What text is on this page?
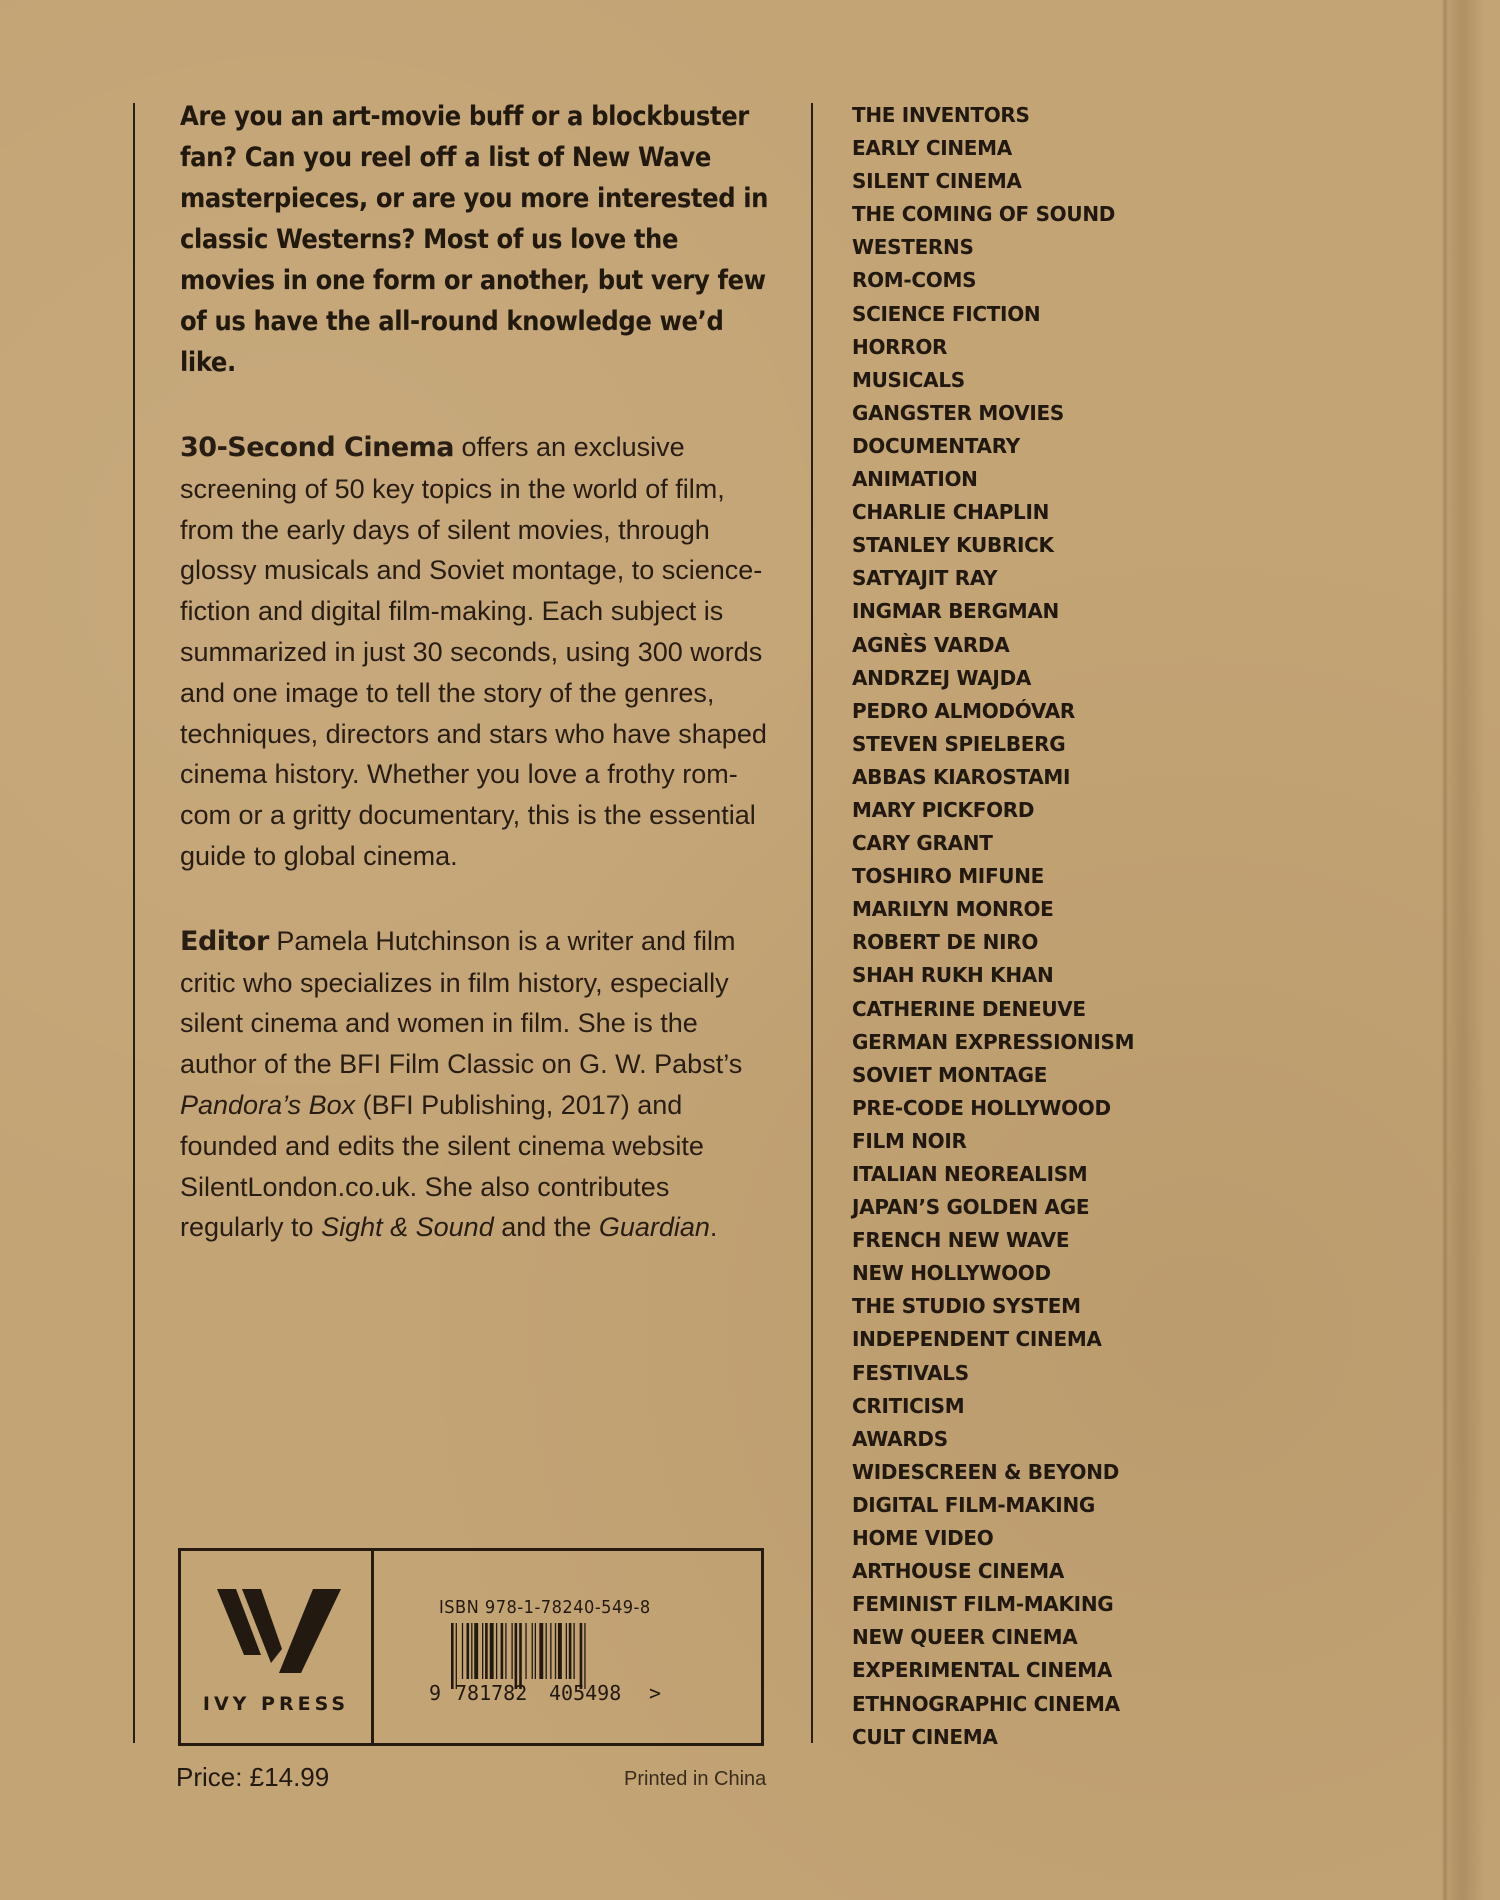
Are you an art-movie buff or a blockbuster fan? Can you reel off a list of New Wave masterpieces, or are you more interested in classic Westerns? Most of us love the movies in one form or another, but very few of us have the all-round knowledge we’d like.

30-Second Cinema offers an exclusive screening of 50 key topics in the world of film, from the early days of silent movies, through glossy musicals and Soviet montage, to science-fiction and digital film-making. Each subject is summarized in just 30 seconds, using 300 words and one image to tell the story of the genres, techniques, directors and stars who have shaped cinema history. Whether you love a frothy rom-com or a gritty documentary, this is the essential guide to global cinema.

Editor Pamela Hutchinson is a writer and film critic who specializes in film history, especially silent cinema and women in film. She is the author of the BFI Film Classic on G. W. Pabst’s Pandora’s Box (BFI Publishing, 2017) and founded and edits the silent cinema website SilentLondon.co.uk. She also contributes regularly to Sight & Sound and the Guardian.

THE INVENTORS
EARLY CINEMA
SILENT CINEMA
THE COMING OF SOUND
WESTERNS
ROM-COMS
SCIENCE FICTION
HORROR
MUSICALS
GANGSTER MOVIES
DOCUMENTARY
ANIMATION
CHARLIE CHAPLIN
STANLEY KUBRICK
SATYAJIT RAY
INGMAR BERGMAN
AGNÈS VARDA
ANDRZEJ WAJDA
PEDRO ALMODÓVAR
STEVEN SPIELBERG
ABBAS KIAROSTAMI
MARY PICKFORD
CARY GRANT
TOSHIRO MIFUNE
MARILYN MONROE
ROBERT DE NIRO
SHAH RUKH KHAN
CATHERINE DENEUVE
GERMAN EXPRESSIONISM
SOVIET MONTAGE
PRE-CODE HOLLYWOOD
FILM NOIR
ITALIAN NEOREALISM
JAPAN’S GOLDEN AGE
FRENCH NEW WAVE
NEW HOLLYWOOD
THE STUDIO SYSTEM
INDEPENDENT CINEMA
FESTIVALS
CRITICISM
AWARDS
WIDESCREEN & BEYOND
DIGITAL FILM-MAKING
HOME VIDEO
ARTHOUSE CINEMA
FEMINIST FILM-MAKING
NEW QUEER CINEMA
EXPERIMENTAL CINEMA
ETHNOGRAPHIC CINEMA
CULT CINEMA
IVY PRESS
ISBN 978-1-78240-549-8
9 781782 405498 >
Price: £14.99	Printed in China
